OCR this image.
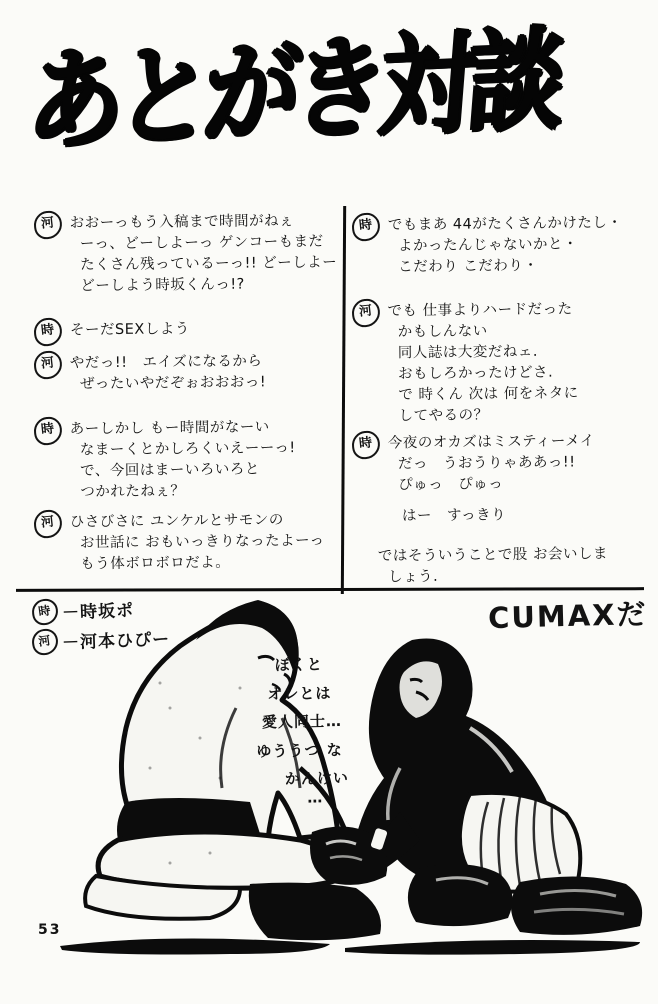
あとがき対談
河 おおーっもう入稿まで時間がねぇ
ーっ、どーしよーっ ゲンコーもまだ
たくさん残っているーっ!! どーしよー
どーしよう時坂くんっ!?
時	そーだSEXしよう
河 やだっ!!　エイズになるから
ぜったいやだぞぉおおおっ!
時 あーしかし もー時間がなーい
なまーくとかしろくいえーーっ!
で、今回はまーいろいろと
つかれたねぇ？
河 ひさびさに ユンケルとサモンの
お世話に おもいっきりなったよーっ
もう体ボロボロだよ。
時 でもまあ 44がたくさんかけたし・
よかったんじゃないかと・
こだわり こだわり・
河 でも 仕事よりハードだった
かもしんない
同人誌は大変だねェ.
おもしろかったけどさ.
で 時くん 次は 何をネタに
してやるの？
時 今夜のオカズはミスティーメイ
だっ　うおうりゃああっ!!
ぴゅっ　ぴゅっ
はー　すっきり
ではそういうことで股 お会いしま
しょう.
時 －時坂ポ
河 －河本ひぴー
CUMAXだ
ぼくと
オレとは
愛人同士…
ゆううつ な
かんけい
…
53
